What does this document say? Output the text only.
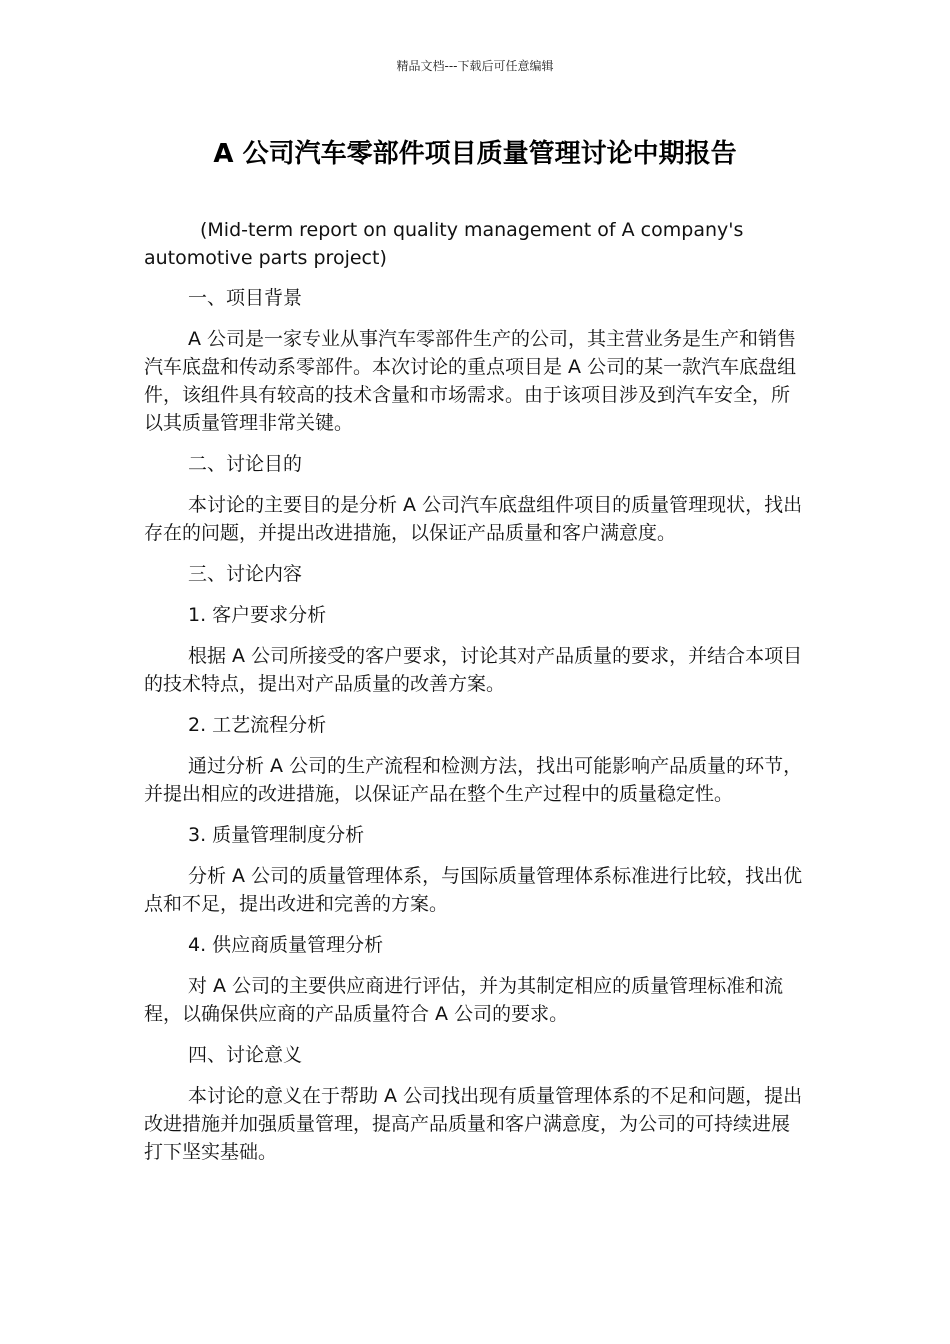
精品文档---下载后可任意编辑
A 公司汽车零部件项目质量管理讨论中期报告

(Mid-term report on quality management of A company's automotive parts project)

一、项目背景

A 公司是一家专业从事汽车零部件生产的公司，其主营业务是生产和销售汽车底盘和传动系零部件。本次讨论的重点项目是 A 公司的某一款汽车底盘组件，该组件具有较高的技术含量和市场需求。由于该项目涉及到汽车安全，所以其质量管理非常关键。

二、讨论目的

本讨论的主要目的是分析 A 公司汽车底盘组件项目的质量管理现状，找出存在的问题，并提出改进措施，以保证产品质量和客户满意度。

三、讨论内容
1. 客户要求分析

根据 A 公司所接受的客户要求，讨论其对产品质量的要求，并结合本项目的技术特点，提出对产品质量的改善方案。

2. 工艺流程分析

通过分析 A 公司的生产流程和检测方法，找出可能影响产品质量的环节，并提出相应的改进措施，以保证产品在整个生产过程中的质量稳定性。

3. 质量管理制度分析

分析 A 公司的质量管理体系，与国际质量管理体系标准进行比较，找出优点和不足，提出改进和完善的方案。

4. 供应商质量管理分析

对 A 公司的主要供应商进行评估，并为其制定相应的质量管理标准和流程，以确保供应商的产品质量符合 A 公司的要求。

四、讨论意义

本讨论的意义在于帮助 A 公司找出现有质量管理体系的不足和问题，提出改进措施并加强质量管理，提高产品质量和客户满意度，为公司的可持续进展打下坚实基础。
